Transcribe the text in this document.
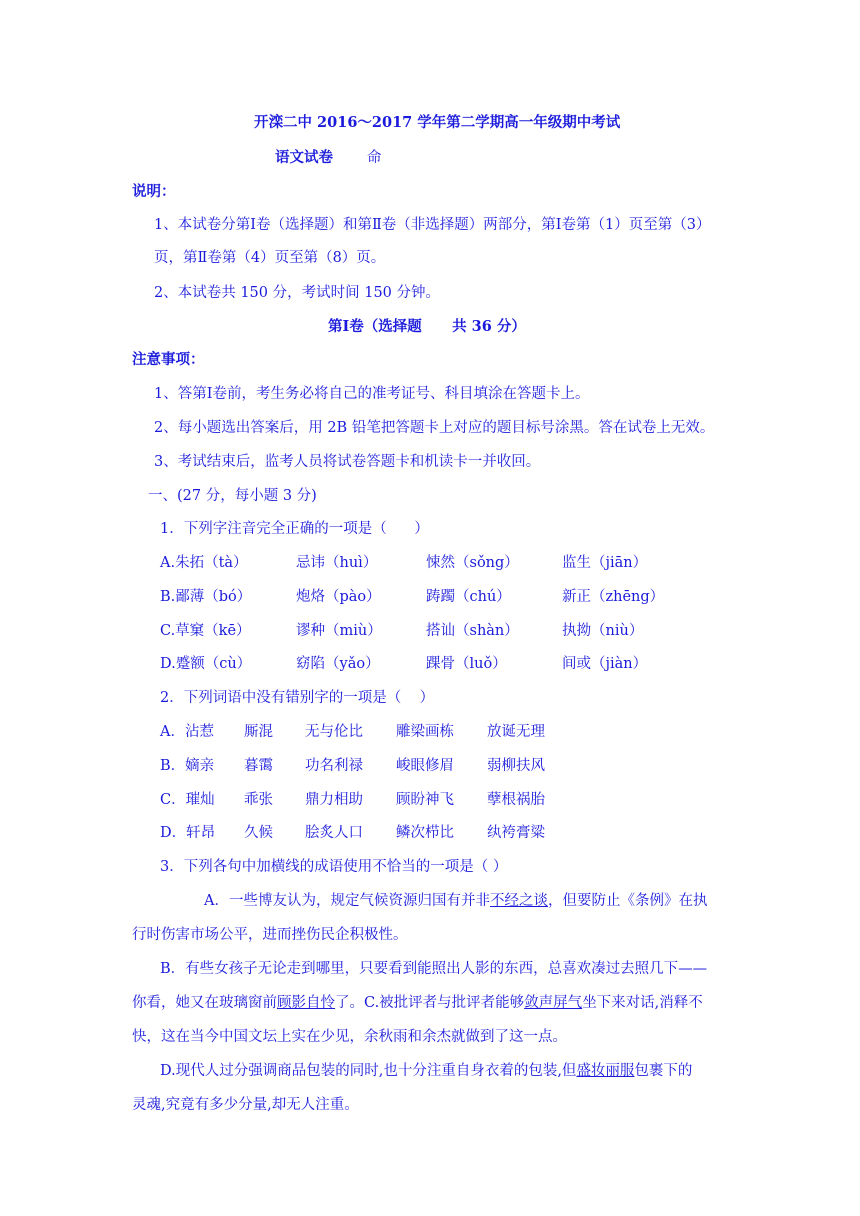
开滦二中 2016～2017 学年第二学期高一年级期中考试
语文试卷 命
说明：
1、本试卷分第Ⅰ卷（选择题）和第Ⅱ卷（非选择题）两部分，第Ⅰ卷第（1）页至第（3）
页，第Ⅱ卷第（4）页至第（8）页。
2、本试卷共 150 分，考试时间 150 分钟。
第Ⅰ卷（选择题      共 36 分）
注意事项：
1、答第Ⅰ卷前，考生务必将自己的准考证号、科目填涂在答题卡上。
2、每小题选出答案后，用 2B 铅笔把答题卡上对应的题目标号涂黑。答在试卷上无效。
3、考试结束后，监考人员将试卷答题卡和机读卡一并收回。
一、(27 分，每小题 3 分)
1．下列字注音完全正确的一项是（      ）
A.朱拓（tà）	忌讳（huì）	悚然（sǒng）	监生（jiān）
B.鄙薄（bó）	炮烙（pào）	踌躅（chú）	新正（zhēng）
C.草窠（kē）	谬种（miù）	搭讪（shàn）	执拗（niù）
D.蹙额（cù）	窈陷（yǎo）	踝骨（luǒ）	间或（jiàn）
2．下列词语中没有错别字的一项是（    ）
A．沾惹 厮混 无与伦比 雕梁画栋 放诞无理
B．嫡亲 暮霭 功名利禄 峻眼修眉 弱柳扶风
C．璀灿 乖张 鼎力相助 顾盼神飞 孽根祸胎
D．轩昂 久候 脍炙人口 鳞次栉比 纨袴膏粱
3．下列各句中加横线的成语使用不恰当的一项是（ ）
A．一些博友认为，规定气候资源归国有并非不经之谈，但要防止《条例》在执
行时伤害市场公平，进而挫伤民企积极性。
B．有些女孩子无论走到哪里，只要看到能照出人影的东西，总喜欢凑过去照几下——
你看，她又在玻璃窗前顾影自怜了。C.被批评者与批评者能够敛声屏气坐下来对话,消释不
快，这在当今中国文坛上实在少见，余秋雨和余杰就做到了这一点。
D.现代人过分强调商品包装的同时,也十分注重自身衣着的包装,但盛妆丽服包裹下的
灵魂,究竟有多少分量,却无人注重。
